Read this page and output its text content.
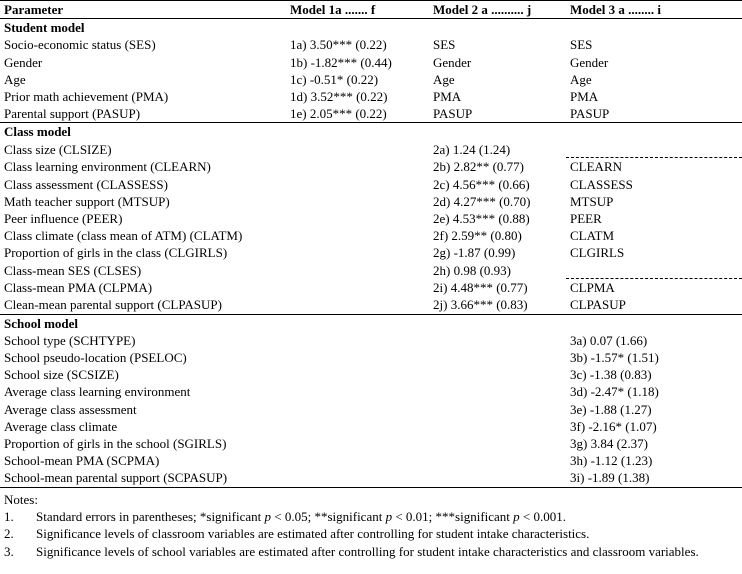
Parameter	Model 1a ....... f	Model 2 a .......... j	Model 3 a ........ i
Student model			
Socio-economic status (SES)	1a) 3.50*** (0.22)	SES	SES
Gender	1b) -1.82*** (0.44)	Gender	Gender
Age	1c) -0.51* (0.22)	Age	Age
Prior math achievement (PMA)	1d) 3.52*** (0.22)	PMA	PMA
Parental support (PASUP)	1e) 2.05*** (0.22)	PASUP	PASUP
Class model			
Class size (CLSIZE)		2a) 1.24 (1.24)	
Class learning environment (CLEARN)		2b) 2.82** (0.77)	CLEARN
Class assessment (CLASSESS)		2c) 4.56*** (0.66)	CLASSESS
Math teacher support (MTSUP)		2d) 4.27*** (0.70)	MTSUP
Peer influence (PEER)		2e) 4.53*** (0.88)	PEER
Class climate (class mean of ATM) (CLATM)		2f) 2.59** (0.80)	CLATM
Proportion of girls in the class (CLGIRLS)		2g) -1.87 (0.99)	CLGIRLS
Class-mean SES (CLSES)		2h) 0.98 (0.93)	
Class-mean PMA (CLPMA)		2i) 4.48*** (0.77)	CLPMA
Clean-mean parental support (CLPASUP)		2j) 3.66*** (0.83)	CLPASUP
School model			
School type (SCHTYPE)			3a) 0.07 (1.66)
School pseudo-location (PSELOC)			3b) -1.57* (1.51)
School size (SCSIZE)			3c) -1.38 (0.83)
Average class learning environment			3d) -2.47* (1.18)
Average class assessment			3e) -1.88 (1.27)
Average class climate			3f) -2.16* (1.07)
Proportion of girls in the school (SGIRLS)			3g) 3.84 (2.37)
School-mean PMA (SCPMA)			3h) -1.12 (1.23)
School-mean parental support (SCPASUP)			3i) -1.89 (1.38)
Notes:
1.	Standard errors in parentheses; *significant p < 0.05; **significant p < 0.01; ***significant p < 0.001.
2.	Significance levels of classroom variables are estimated after controlling for student intake characteristics.
3.	Significance levels of school variables are estimated after controlling for student intake characteristics and classroom variables.
